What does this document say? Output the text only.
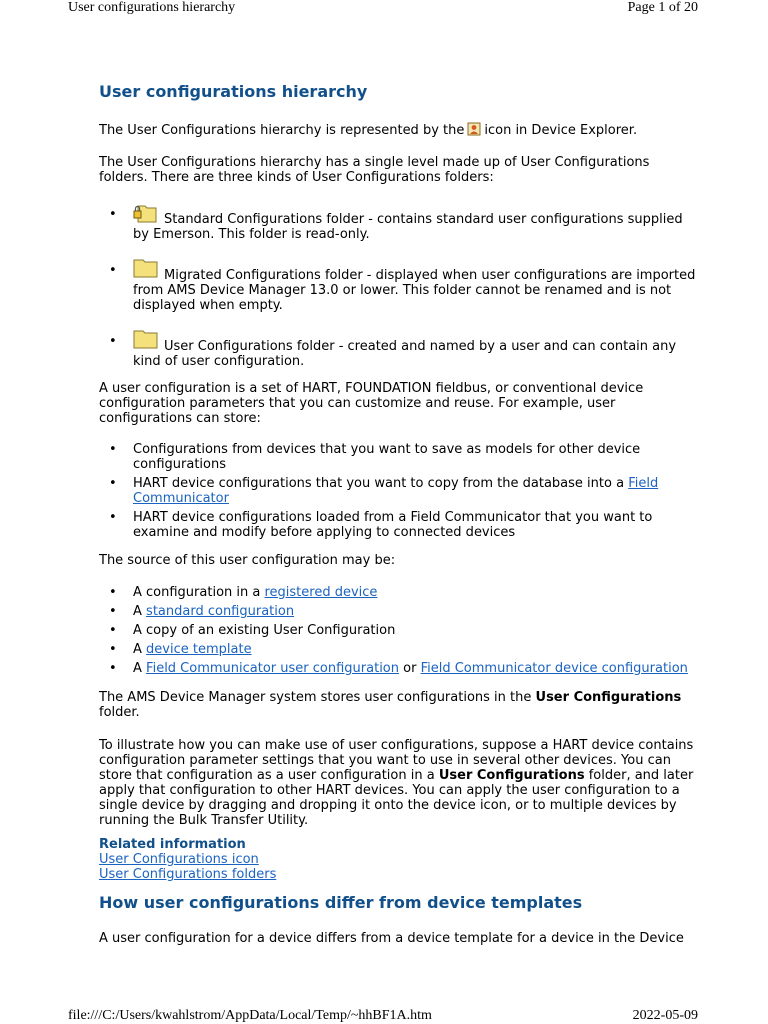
User configurations hierarchy	Page 1 of 20
User configurations hierarchy

The User Configurations hierarchy is represented by the icon in Device Explorer.

The User Configurations hierarchy has a single level made up of User Configurations folders. There are three kinds of User Configurations folders:

• Standard Configurations folder - contains standard user configurations supplied by Emerson. This folder is read-only.
• Migrated Configurations folder - displayed when user configurations are imported from AMS Device Manager 13.0 or lower. This folder cannot be renamed and is not displayed when empty.
• User Configurations folder - created and named by a user and can contain any kind of user configuration.

A user configuration is a set of HART, FOUNDATION fieldbus, or conventional device configuration parameters that you can customize and reuse. For example, user configurations can store:

• Configurations from devices that you want to save as models for other device configurations
• HART device configurations that you want to copy from the database into a Field Communicator
• HART device configurations loaded from a Field Communicator that you want to examine and modify before applying to connected devices

The source of this user configuration may be:

• A configuration in a registered device
• A standard configuration
• A copy of an existing User Configuration
• A device template
• A Field Communicator user configuration or Field Communicator device configuration

The AMS Device Manager system stores user configurations in the User Configurations folder.

To illustrate how you can make use of user configurations, suppose a HART device contains configuration parameter settings that you want to use in several other devices. You can store that configuration as a user configuration in a User Configurations folder, and later apply that configuration to other HART devices. You can apply the user configuration to a single device by dragging and dropping it onto the device icon, or to multiple devices by running the Bulk Transfer Utility.

Related information
User Configurations icon
User Configurations folders
How user configurations differ from device templates

A user configuration for a device differs from a device template for a device in the Device

file:///C:/Users/kwahlstrom/AppData/Local/Temp/~hhBF1A.htm	2022-05-09
